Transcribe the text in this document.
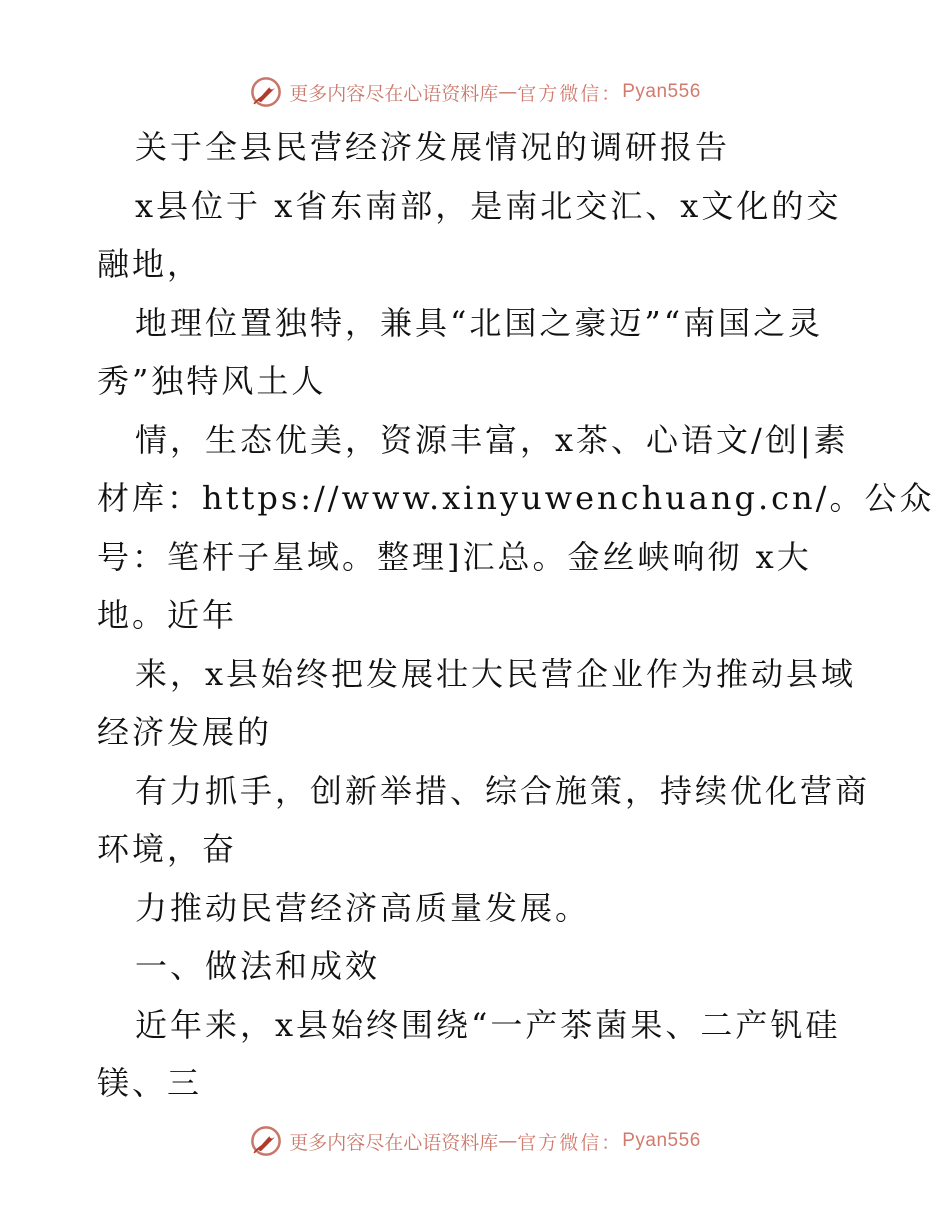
更多内容尽在心语资料库 — 官方微信： Pyan556
关于全县民营经济发展情况的调研报告
x县位于 x省东南部，是南北交汇、x文化的交
融地，
地理位置独特，兼具“北国之豪迈”“南国之灵
秀”独特风土人
情，生态优美，资源丰富，x茶、心语文/创|素
材库：https://www.xinyuwenchuang.cn/。公众
号：笔杆子星域。整理]汇总。金丝峡响彻 x大
地。近年
来，x县始终把发展壮大民营企业作为推动县域
经济发展的
有力抓手，创新举措、综合施策，持续优化营商
环境，奋
力推动民营经济高质量发展。
一、做法和成效
近年来，x县始终围绕“一产茶菌果、二产钒硅
镁、三
更多内容尽在心语资料库 — 官方微信： Pyan556
